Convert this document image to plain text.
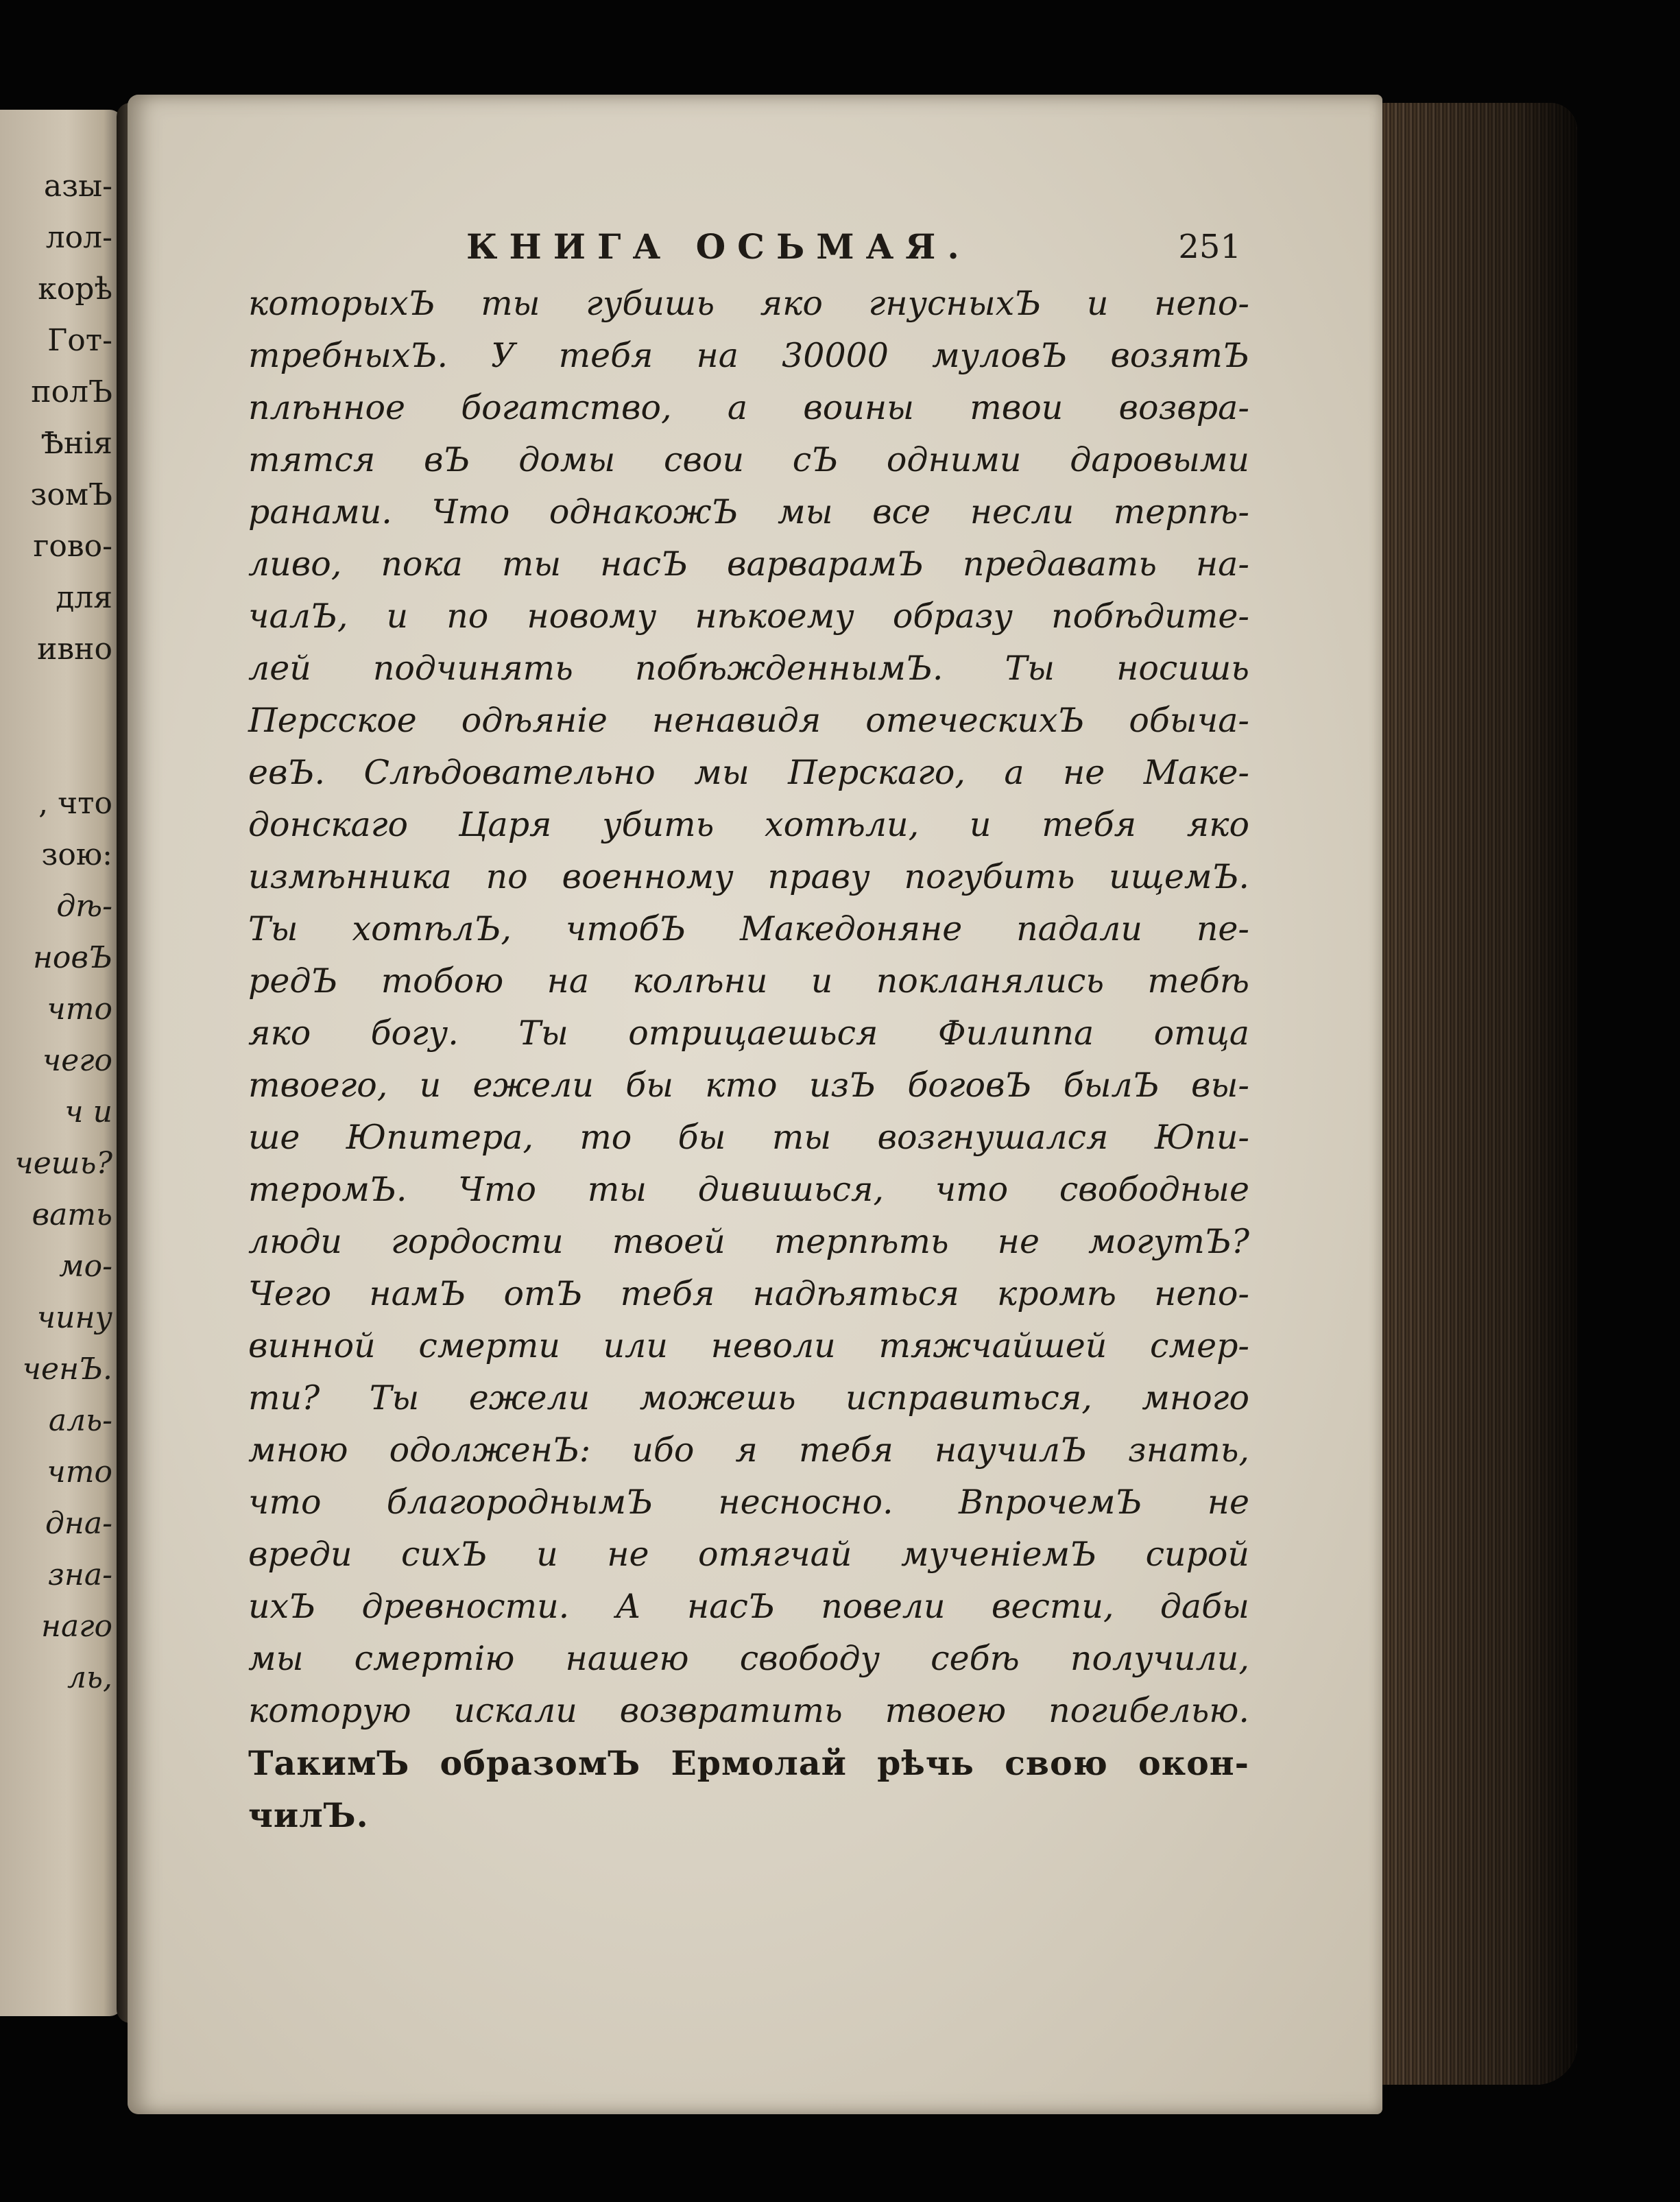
азы-
лол-
корѣ
Гот-
полЪ
Ѣнія
зомЪ
гово-
для
ивно
, что
зою:
дѣ-
новЪ
что
чего
ч и
чешь?
вать
мо-
чину
ченЪ.
аль-
что
дна-
зна-
наго
ль,
КНИГА ОСЬМАЯ.	251
которыхЪ ты губишь яко гнусныхЪ и непо-
требныхЪ. У тебя на 30000 муловЪ возятЪ
плѣнное богатство, а воины твои возвра-
тятся вЪ домы свои сЪ одними даровыми
ранами. Что однакожЪ мы все несли терпѣ-
ливо, пока ты насЪ варварамЪ предавать на-
чалЪ, и по новому нѣкоему образу побѣдите-
лей подчинять побѣжденнымЪ. Ты носишь
Персское одѣяніе ненавидя отеческихЪ обыча-
евЪ. Слѣдовательно мы Перскаго, а не Маке-
донскаго Царя убить хотѣли, и тебя яко
измѣнника по военному праву погубить ищемЪ.
Ты хотѣлЪ, чтобЪ Македоняне падали пе-
редЪ тобою на колѣни и покланялись тебѣ
яко богу. Ты отрицаешься Филиппа отца
твоего, и ежели бы кто изЪ боговЪ былЪ вы-
ше Юпитера, то бы ты возгнушался Юпи-
теромЪ. Что ты дивишься, что свободные
люди гордости твоей терпѣть не могутЪ?
Чего намЪ отЪ тебя надѣяться кромѣ непо-
винной смерти или неволи тяжчайшей смер-
ти? Ты ежели можешь исправиться, много
мною одолженЪ: ибо я тебя научилЪ знать,
что благороднымЪ несносно. ВпрочемЪ не
вреди сихЪ и не отягчай мученіемЪ сирой
ихЪ древности. А насЪ повели вести, дабы
мы смертію нашею свободу себѣ получили,
которую искали возвратить твоею погибелью.
ТакимЪ образомЪ Ермолай рѣчь свою окон-
чилЪ.
